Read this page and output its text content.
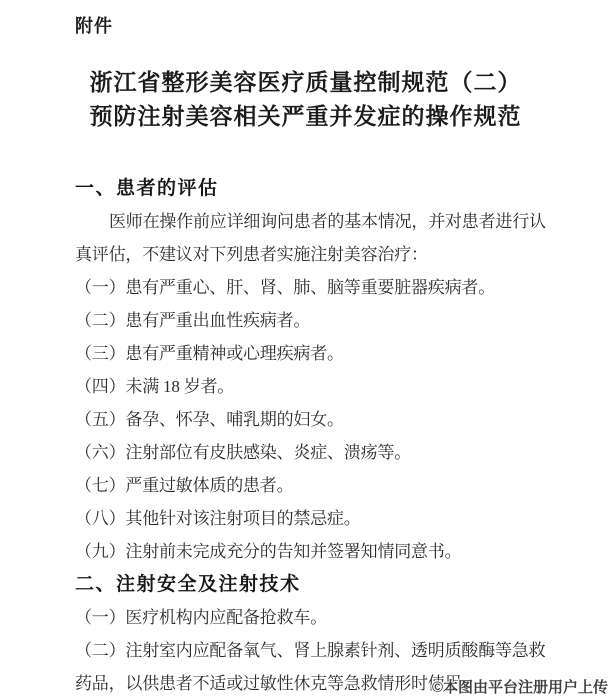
附件
浙江省整形美容医疗质量控制规范（二）
预防注射美容相关严重并发症的操作规范
一、患者的评估
医师在操作前应详细询问患者的基本情况，并对患者进行认
真评估，不建议对下列患者实施注射美容治疗：
（一）患有严重心、肝、肾、肺、脑等重要脏器疾病者。
（二）患有严重出血性疾病者。
（三）患有严重精神或心理疾病者。
（四）未满 18 岁者。
（五）备孕、怀孕、哺乳期的妇女。
（六）注射部位有皮肤感染、炎症、溃疡等。
（七）严重过敏体质的患者。
（八）其他针对该注射项目的禁忌症。
（九）注射前未完成充分的告知并签署知情同意书。
二、注射安全及注射技术
（一）医疗机构内应配备抢救车。
（二）注射室内应配备氧气、肾上腺素针剂、透明质酸酶等急救
药品，以供患者不适或过敏性休克等急救情形时使用
©本图由平台注册用户上传
